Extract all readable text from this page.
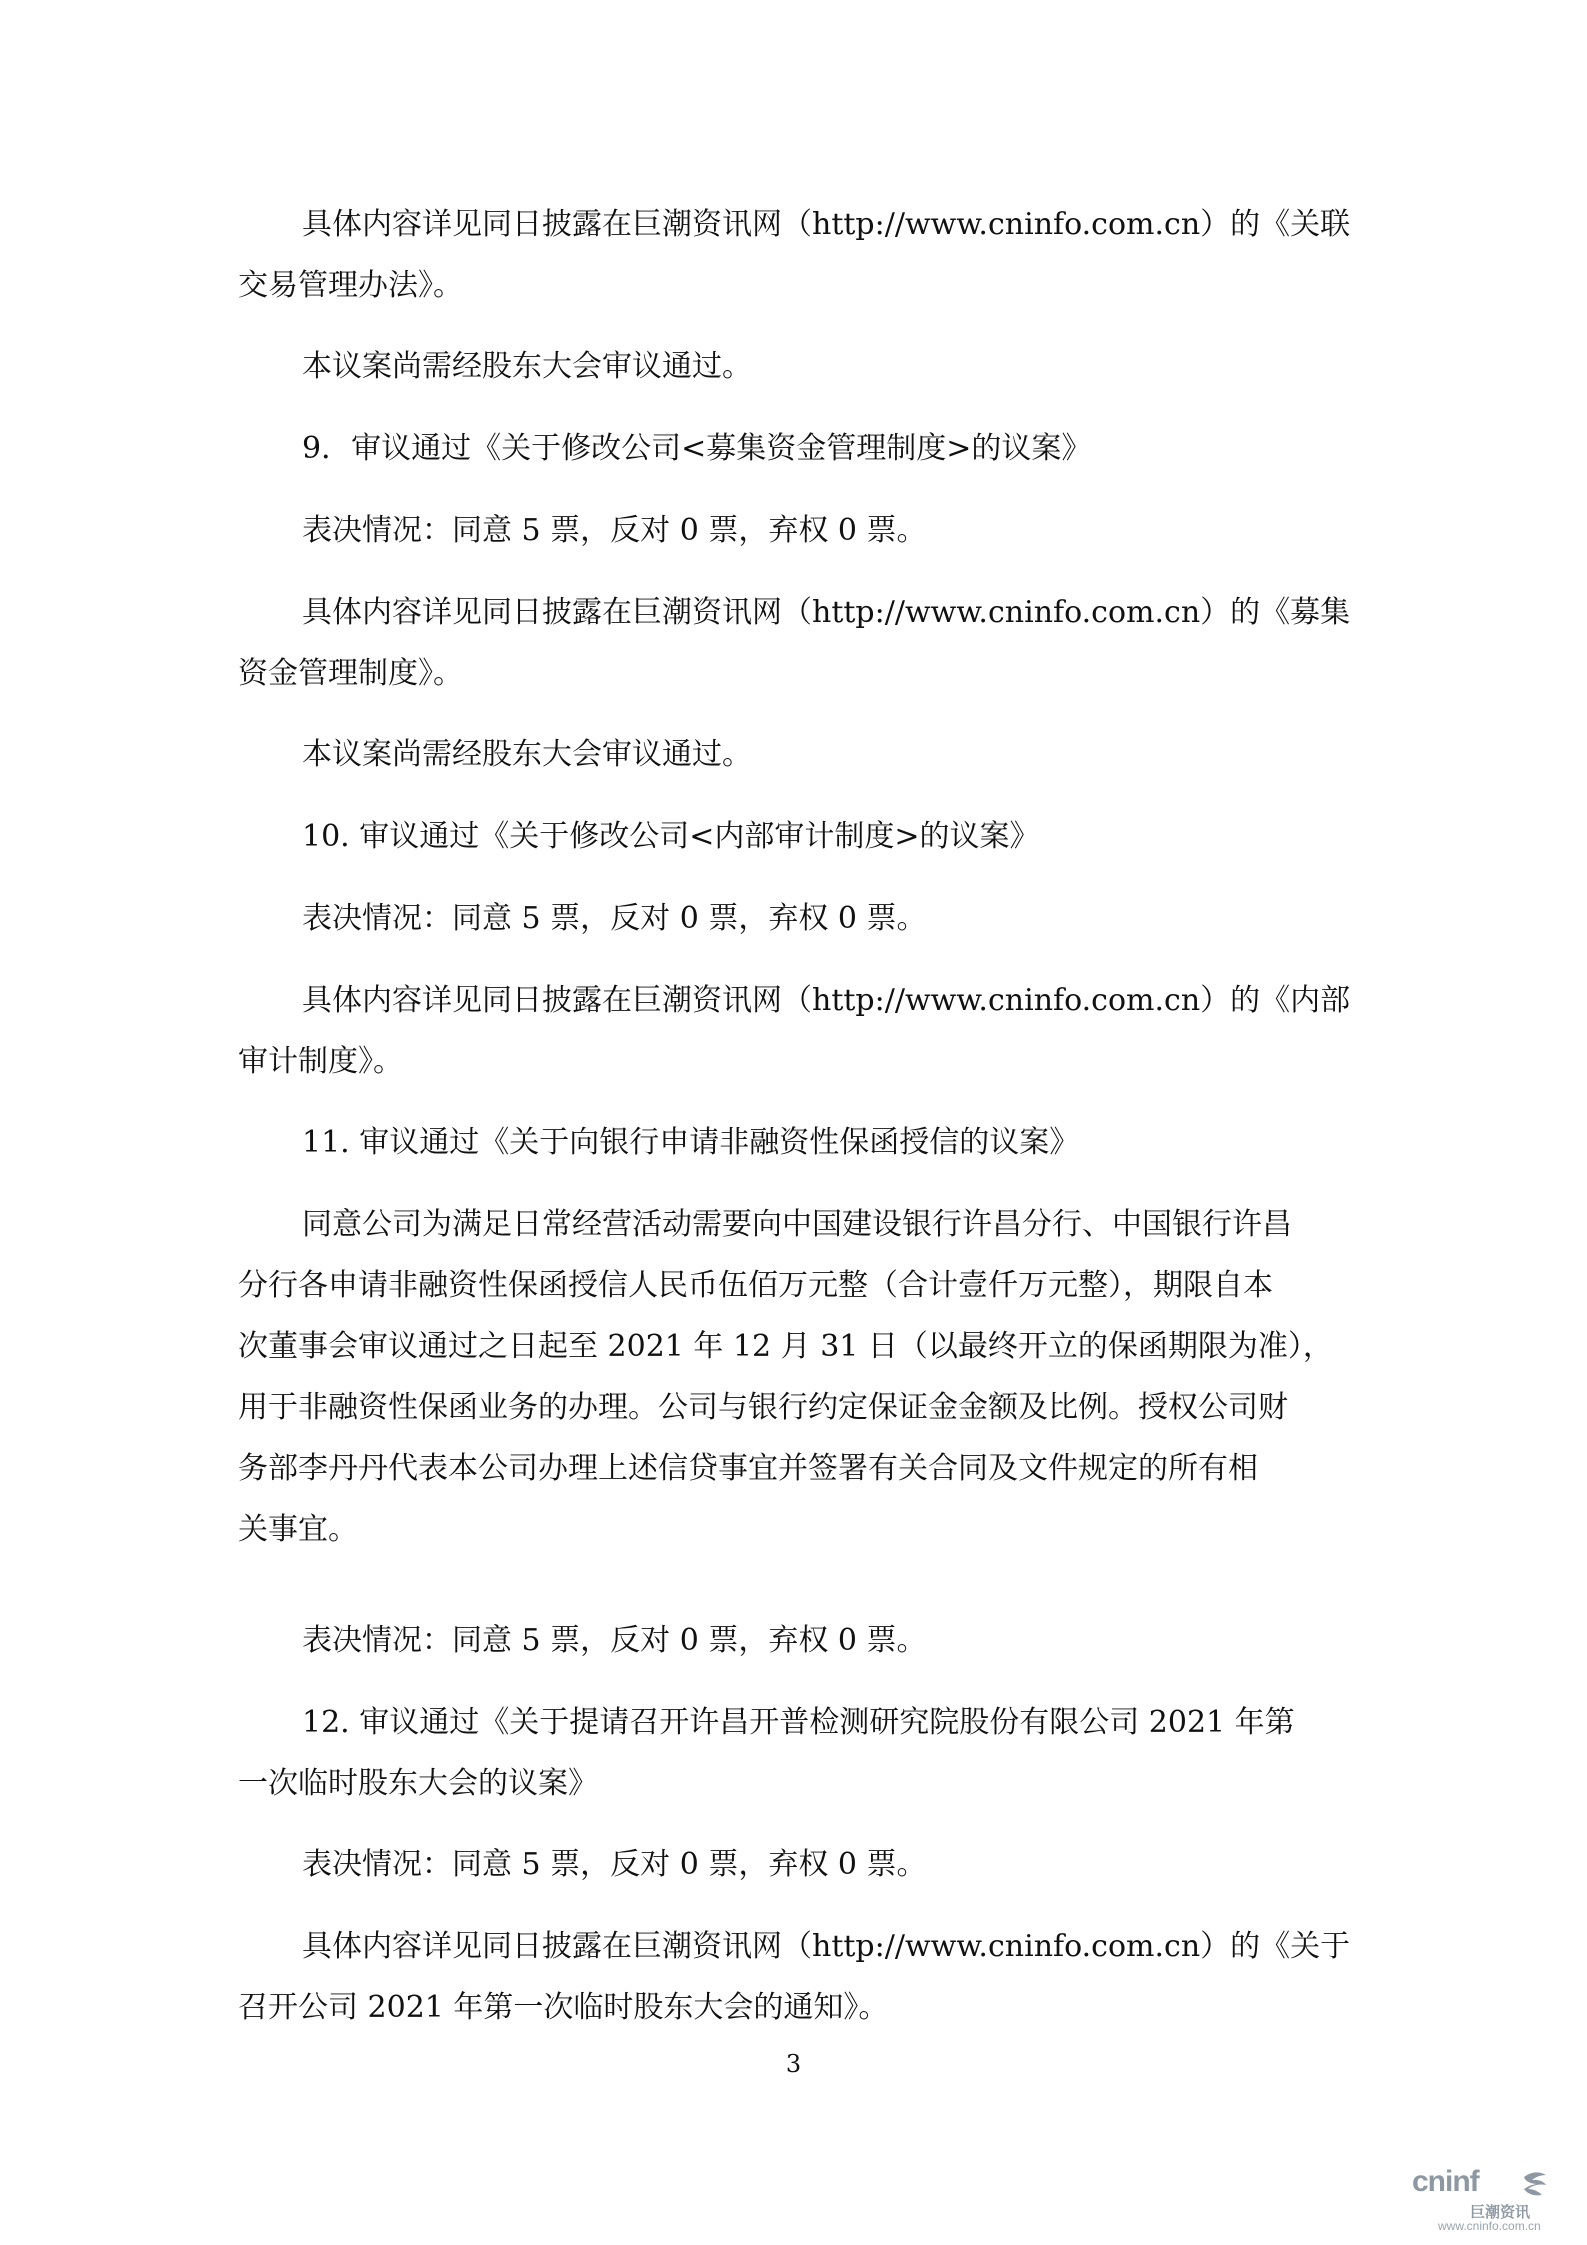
具体内容详见同日披露在巨潮资讯网（http://www.cninfo.com.cn）的《关联
交易管理办法》。

本议案尚需经股东大会审议通过。

9．审议通过《关于修改公司<募集资金管理制度>的议案》

表决情况：同意 5 票，反对 0 票，弃权 0 票。

具体内容详见同日披露在巨潮资讯网（http://www.cninfo.com.cn）的《募集
资金管理制度》。

本议案尚需经股东大会审议通过。

10. 审议通过《关于修改公司<内部审计制度>的议案》

表决情况：同意 5 票，反对 0 票，弃权 0 票。

具体内容详见同日披露在巨潮资讯网（http://www.cninfo.com.cn）的《内部
审计制度》。

11. 审议通过《关于向银行申请非融资性保函授信的议案》

同意公司为满足日常经营活动需要向中国建设银行许昌分行、中国银行许昌
分行各申请非融资性保函授信人民币伍佰万元整（合计壹仟万元整），期限自本
次董事会审议通过之日起至 2021 年 12 月 31 日（以最终开立的保函期限为准），
用于非融资性保函业务的办理。公司与银行约定保证金金额及比例。授权公司财
务部李丹丹代表本公司办理上述信贷事宜并签署有关合同及文件规定的所有相
关事宜。

表决情况：同意 5 票，反对 0 票，弃权 0 票。

12. 审议通过《关于提请召开许昌开普检测研究院股份有限公司 2021 年第
一次临时股东大会的议案》

表决情况：同意 5 票，反对 0 票，弃权 0 票。

具体内容详见同日披露在巨潮资讯网（http://www.cninfo.com.cn）的《关于
召开公司 2021 年第一次临时股东大会的通知》。
3
cninf
巨潮资讯
www.cninfo.com.cn
